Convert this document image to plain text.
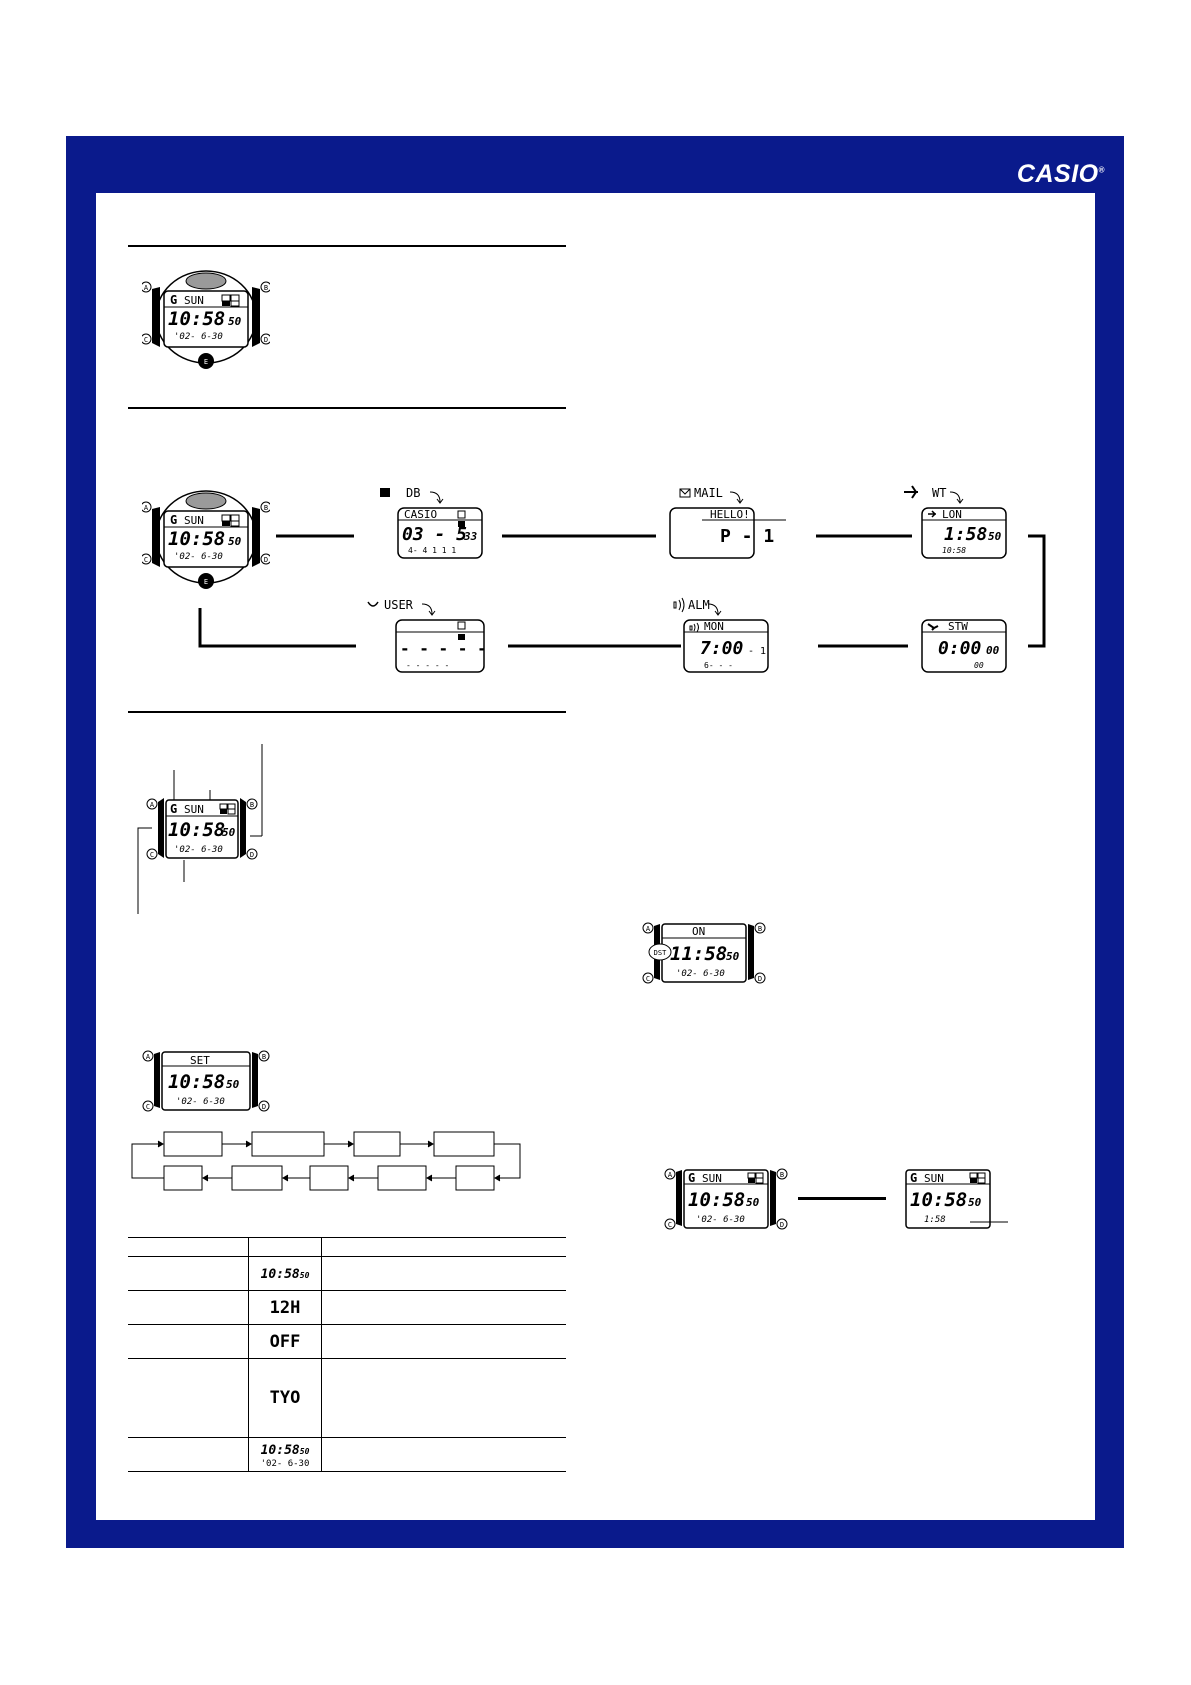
CASIO®
A	B
C	D
E
G SUN
10:58 50
'02- 6-30
A	B
C	D
E
G SUN
10:58 50
'02- 6-30
DB
CASIO
03 - 5
33
4- 4 1 1 1
MAIL
HELLO!
P - 1
WT
LON
1:58 50
10:58
USER
- - - - -
- - - - -
ALM
MON
7:00 - 1
6- - -
STW
0:00 00
00
A	B
C	D
G SUN
10:58
50
'02- 6-30
A	B
C	D
SET
10:58 50
'02- 6-30

	10:5850	
	12H	
	OFF	
	TYO	
	10:5850
'02- 6-30	

A	B
C	D
ON
DST 11:58
50
'02- 6-30
A	B
C	D
G SUN
10:58 50
'02- 6-30
G SUN
10:58 50
1:58
